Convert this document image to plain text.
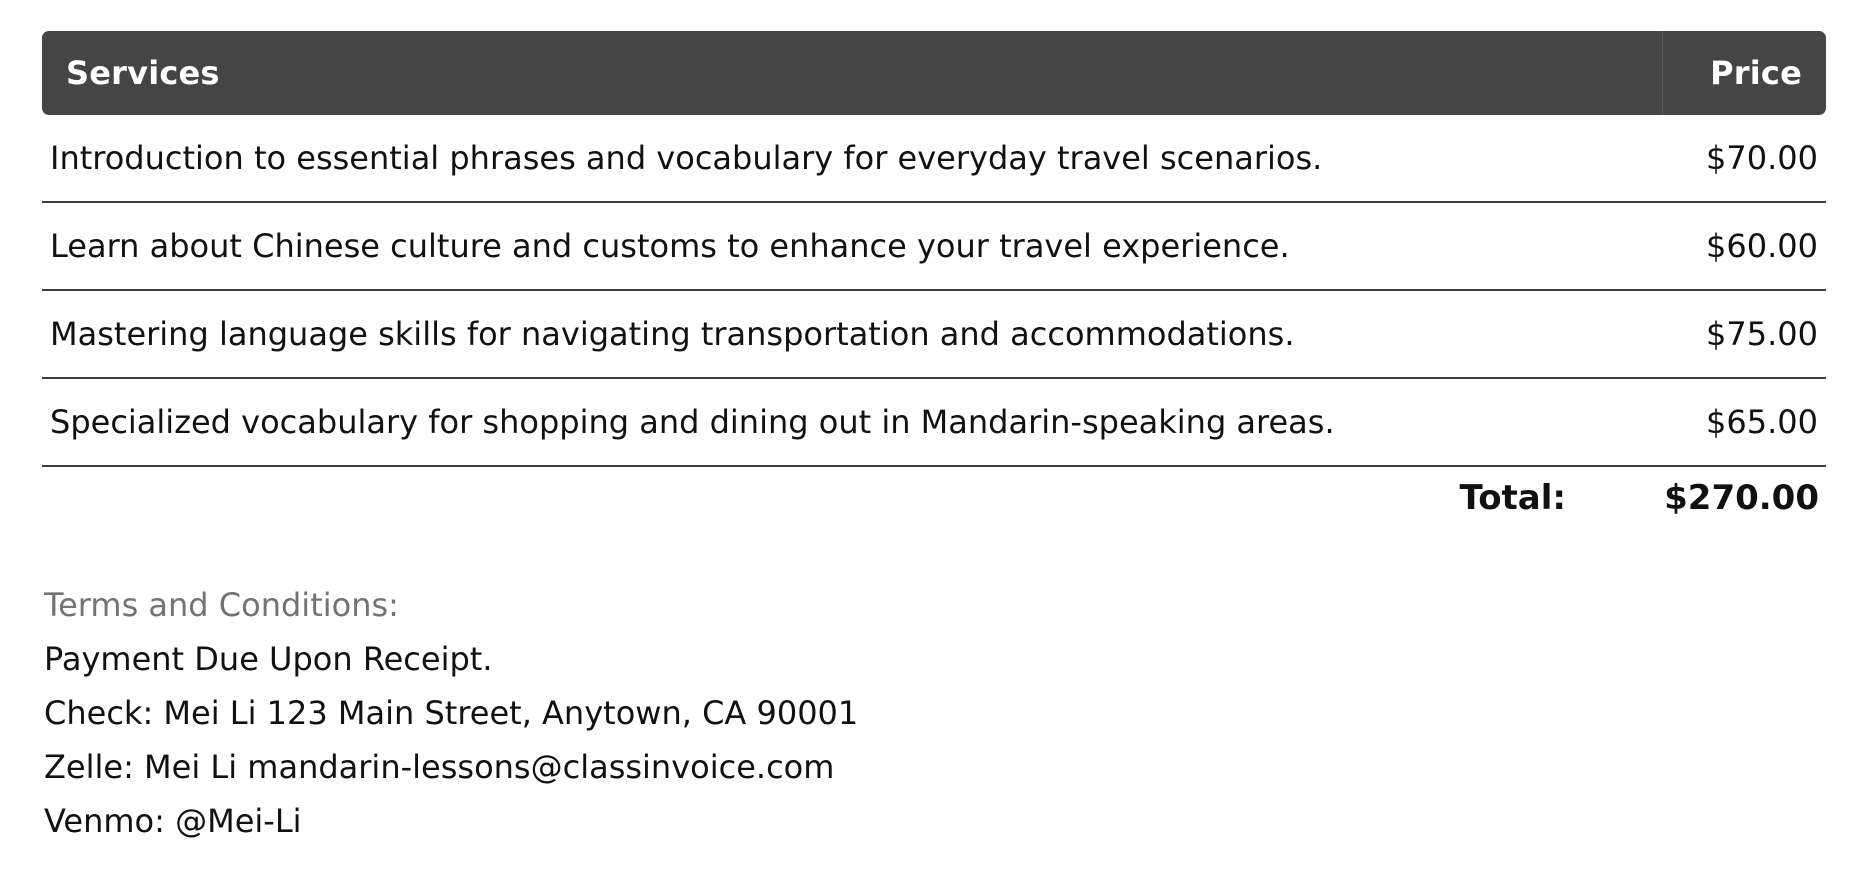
Services	Price
Introduction to essential phrases and vocabulary for everyday travel scenarios.	$70.00
Learn about Chinese culture and customs to enhance your travel experience.	$60.00
Mastering language skills for navigating transportation and accommodations.	$75.00
Specialized vocabulary for shopping and dining out in Mandarin-speaking areas.	$65.00
Total:	$270.00
Terms and Conditions:
Payment Due Upon Receipt.
Check: Mei Li 123 Main Street, Anytown, CA 90001
Zelle: Mei Li mandarin-lessons@classinvoice.com
Venmo: @Mei-Li
